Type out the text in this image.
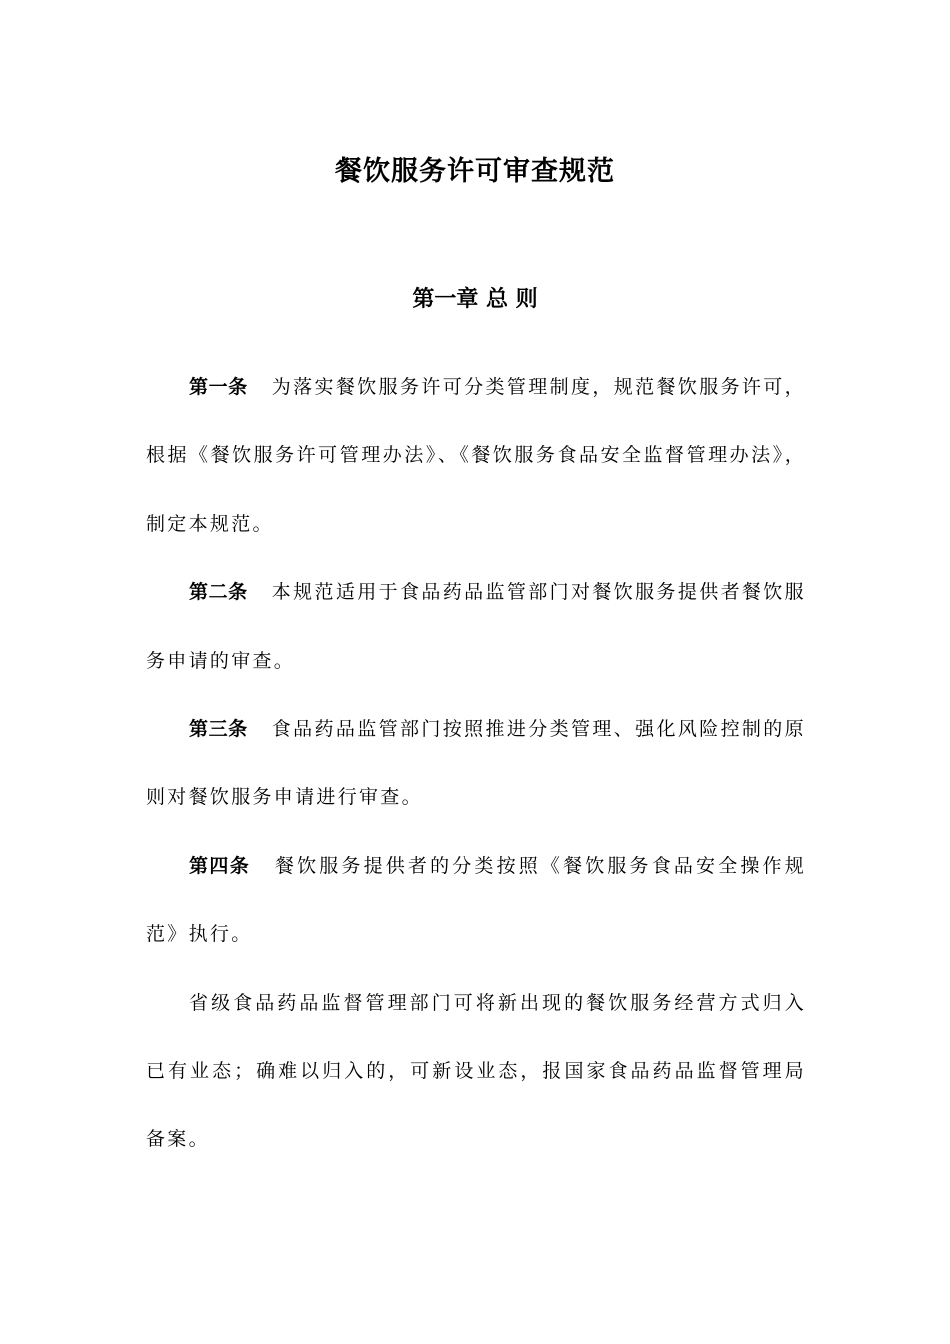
餐饮服务许可审查规范
第一章 总 则

第一条 为落实餐饮服务许可分类管理制度，规范餐饮服务许可，根据《餐饮服务许可管理办法》、《餐饮服务食品安全监督管理办法》，制定本规范。

第二条 本规范适用于食品药品监管部门对餐饮服务提供者餐饮服务申请的审查。

第三条 食品药品监管部门按照推进分类管理、强化风险控制的原则对餐饮服务申请进行审查。

第四条 餐饮服务提供者的分类按照《餐饮服务食品安全操作规范》执行。

省级食品药品监督管理部门可将新出现的餐饮服务经营方式归入已有业态；确难以归入的，可新设业态，报国家食品药品监督管理局备案。
